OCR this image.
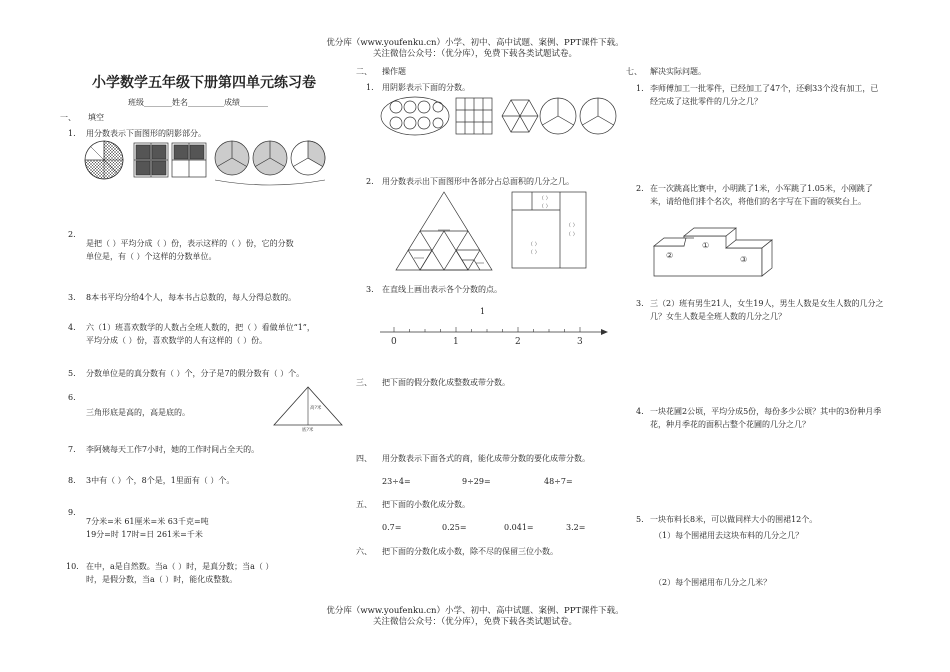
优分库（www.youfenku.cn）小学、初中、高中试题、案例、PPT课件下载。
关注微信公众号：（优分库），免费下载各类试题试卷。
小学数学五年级下册第四单元练习卷
班级_______姓名_________成绩_______
一、 填空
1. 用分数表示下面图形的阴影部分。
2.
是把（ ）平均分成（ ）份，表示这样的（ ）份，它的分数
单位是，有（ ）个这样的分数单位。
3. 8本书平均分给4个人，每本书占总数的，每人分得总数的。
4. 六（1）班喜欢数学的人数占全班人数的，把（ ）看做单位“1”，
平均分成（ ）份，喜欢数学的人有这样的（ ）份。
5. 分数单位是的真分数有（ ）个，分子是7的假分数有（ ）个。
6.
三角形底是高的，高是底的。	高?米
底?米
7. 李阿姨每天工作7小时，她的工作时间占全天的。
8. 3中有（ ）个，8个是，1里面有（ ）个。
9.
7分米=米 61厘米=米 63千克=吨
19分=时 17时=日 261米=千米
10. 在中，a是自然数。当a（ ）时，是真分数；当a（ ）
时，是假分数，当a（ ）时，能化成整数。
二、 操作题
1. 用阴影表示下面的分数。
2. 用分数表示出下面图形中各部分占总面积的几分之几。
（ ）
（ ）
（ ）
（ ）
（ ）
（ ）
3. 在直线上画出表示各个分数的点。
1
0	1	2	3
三、 把下面的假分数化成整数或带分数。
四、 用分数表示下面各式的商，能化成带分数的要化成带分数。
23÷4=	9÷29=	48÷7=
五、 把下面的小数化成分数。
0.7=	0.25=	0.041=	3.2=
六、 把下面的分数化成小数，除不尽的保留三位小数。
七、 解决实际问题。
1. 李师傅加工一批零件，已经加工了47个，还剩33个没有加工，已
经完成了这批零件的几分之几？
2. 在一次跳高比赛中，小明跳了1米，小军跳了1.05米，小刚跳了
米，请给他们排个名次，将他们的名字写在下面的领奖台上。
①
②	③
3. 三（2）班有男生21人，女生19人，男生人数是女生人数的几分之
几？女生人数是全班人数的几分之几？
4. 一块花圃2公顷，平均分成5份，每份多少公顷？其中的3份种月季
花，种月季花的面积占整个花圃的几分之几？
5. 一块布料长8米，可以做同样大小的围裙12个。
（1）每个围裙用去这块布料的几分之几？
（2）每个围裙用布几分之几米？
优分库（www.youfenku.cn）小学、初中、高中试题、案例、PPT课件下载。
关注微信公众号：（优分库），免费下载各类试题试卷。
